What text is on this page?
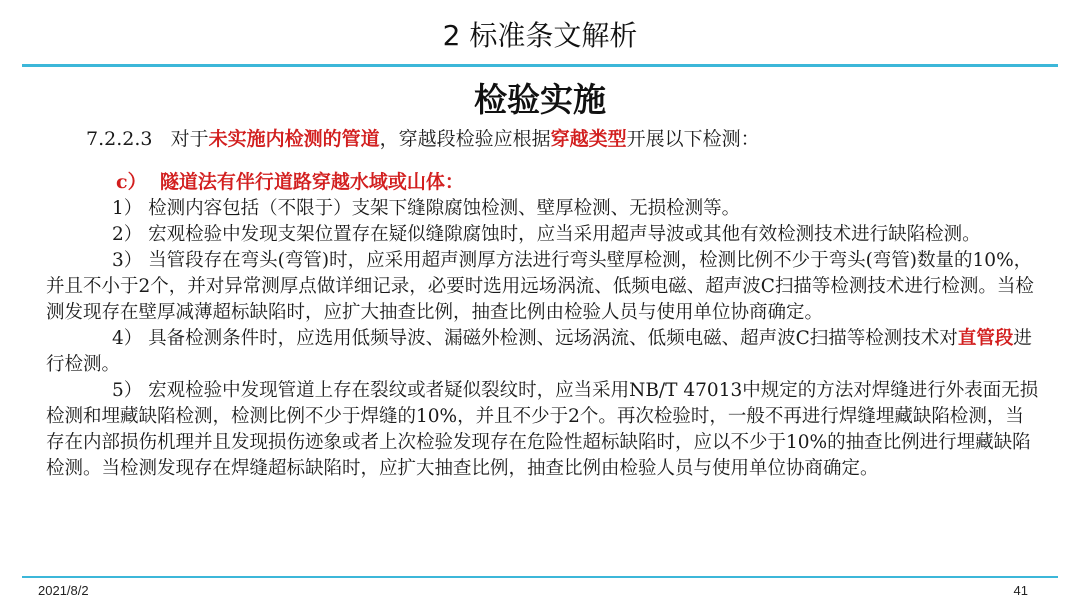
2 标准条文解析
检验实施
7.2.2.3 对于未实施内检测的管道，穿越段检验应根据穿越类型开展以下检测：
c） 隧道法有伴行道路穿越水域或山体：

1） 检测内容包括（不限于）支架下缝隙腐蚀检测、壁厚检测、无损检测等。

2） 宏观检验中发现支架位置存在疑似缝隙腐蚀时，应当采用超声导波或其他有效检测技术进行缺陷检测。

3） 当管段存在弯头(弯管)时，应采用超声测厚方法进行弯头壁厚检测，检测比例不少于弯头(弯管)数量的10%，并且不小于2个，并对异常测厚点做详细记录，必要时选用远场涡流、低频电磁、超声波C扫描等检测技术进行检测。当检测发现存在壁厚减薄超标缺陷时，应扩大抽查比例，抽查比例由检验人员与使用单位协商确定。

4） 具备检测条件时，应选用低频导波、漏磁外检测、远场涡流、低频电磁、超声波C扫描等检测技术对直管段进行检测。

5） 宏观检验中发现管道上存在裂纹或者疑似裂纹时，应当采用NB/T 47013中规定的方法对焊缝进行外表面无损检测和埋藏缺陷检测，检测比例不少于焊缝的10%，并且不少于2个。再次检验时，一般不再进行焊缝埋藏缺陷检测，当存在内部损伤机理并且发现损伤迹象或者上次检验发现存在危险性超标缺陷时，应以不少于10%的抽查比例进行埋藏缺陷检测。当检测发现存在焊缝超标缺陷时，应扩大抽查比例，抽查比例由检验人员与使用单位协商确定。

2021/8/2	41
